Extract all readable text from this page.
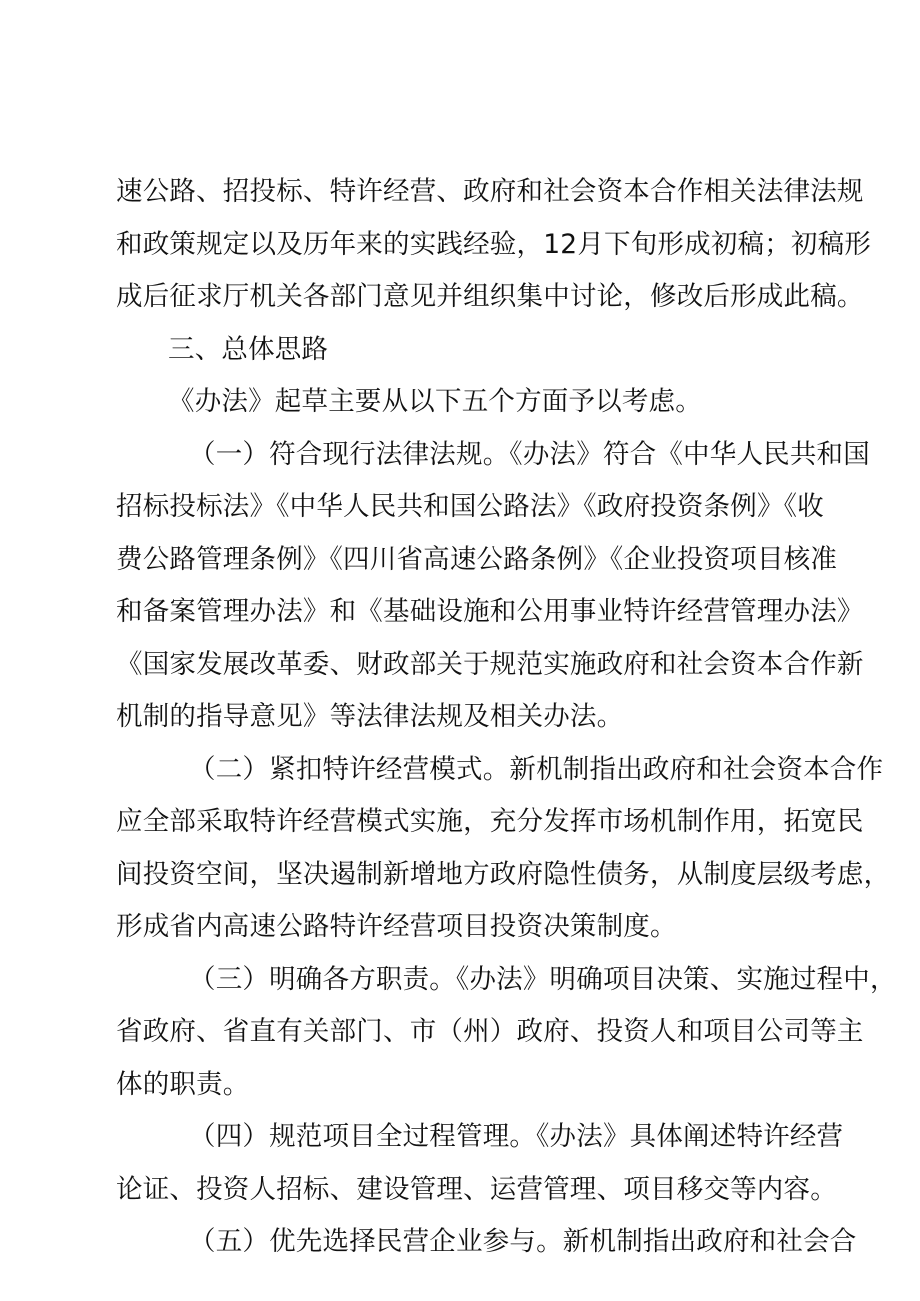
速公路、招投标、特许经营、政府和社会资本合作相关法律法规
和政策规定以及历年来的实践经验，12月下旬形成初稿；初稿形
成后征求厅机关各部门意见并组织集中讨论，修改后形成此稿。
三、总体思路
《办法》起草主要从以下五个方面予以考虑。
（一）符合现行法律法规。《办法》符合《中华人民共和国
招标投标法》《中华人民共和国公路法》《政府投资条例》《收
费公路管理条例》《四川省高速公路条例》《企业投资项目核准
和备案管理办法》和《基础设施和公用事业特许经营管理办法》
《国家发展改革委、财政部关于规范实施政府和社会资本合作新
机制的指导意见》等法律法规及相关办法。
（二）紧扣特许经营模式。新机制指出政府和社会资本合作
应全部采取特许经营模式实施，充分发挥市场机制作用，拓宽民
间投资空间，坚决遏制新增地方政府隐性债务，从制度层级考虑，
形成省内高速公路特许经营项目投资决策制度。
（三）明确各方职责。《办法》明确项目决策、实施过程中，
省政府、省直有关部门、市（州）政府、投资人和项目公司等主
体的职责。
（四）规范项目全过程管理。《办法》具体阐述特许经营
论证、投资人招标、建设管理、运营管理、项目移交等内容。
（五）优先选择民营企业参与。新机制指出政府和社会合
